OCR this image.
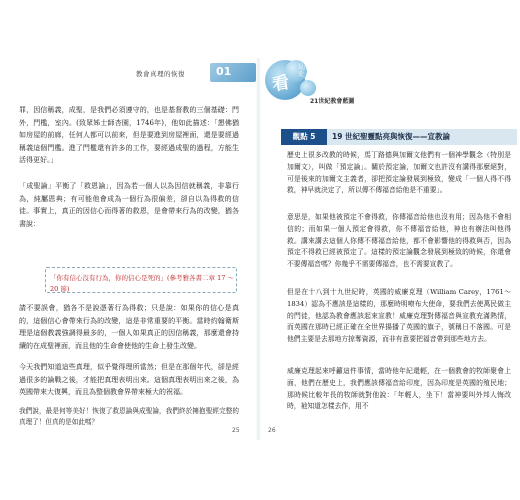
教會真理的恢復	01
看
見歷史
21世紀教會藍圖
罪，因信稱義，成聖，是我們必須遵守的，也是基督教的三個基礎：門外，門檻，室內。(致眾姊士師杏園，1746年)，他如此描述：「懇佛猶如房屋的前廊，任何人都可以前來，但是要進到房屋裡面，還是要經過稱義這個門檻。進了門檻還有許多的工作，要經過成聖的過程，方能生活得更好。」
「成聖論」平衡了「救恩論」，因為若一個人以為因信就稱義，非靠行為，純屬恩典；有可能他會成為一個行為很偏差，卻自以為得救的信徒。事實上，真正的因信心而得著的救恩，是會帶來行為的改變，猶各書說：
「你有信心沒有行為，你的信心是死的」(參考雅各書二章 17 ～ 20 節)
請不要誤會，猶各不是說憑著行為得救；只是說：如果你的信心是真的，這個信心會帶來行為的改變，這是非常重要的平衡。當時約翰衛斯理是這個教義強調得最多的，一個人如果真正的因信稱義，那麼還會持續的在成聖裡面，而且他的生命會使他的生命上發生改變。
今天我們知道這些真理，似乎覺得理所當然；但是在那個年代，卻是經過很多的論戰之後，才能把真理表明出來。這個真理表明出來之後，為英國帶來大復興，而且為整個教會界帶來極大的祝福。
我們說，最是何等美好！恢復了救恩論與成聖論，我們終於擁抱聖經完整的真理了！但真的是如此嗎？
25
觀點 5	19 世紀聖靈點亮與恢復——宣教論
歷史上很多改教的時候，馬丁路德與加爾文他們有一個神學觀念（特別是加爾文），叫做「預定論」。關於預定論，加爾文也許沒有講得那麼絕對，可是後來的加爾文主義者，卻把預定論發展到極致，變成「一個人得不得救，神早就決定了，所以傳不傳福音給他是不重要」。
意思是，如果他被預定不會得救，你傳福音給他也沒有用；因為他不會相信的；而如果一個人預定會得救，你不傳福音給他，神也有辦法叫他得救。講來講去這個人你傳不傳福音給他，都不會影響他的得救與否，因為預定不得救已經被預定了。這樣的預定論觀念發展到極致的時候，你還會不要傳福音嗎？你幾乎不需要傳福音，也不需要宣教了。
但是在十八到十九世紀時，英國的威廉克理（William Carey，1761～1834）認為不應該是這樣的，那麼時明嘹布大使命，要我們去使萬民做主的門徒，他認為教會應該起來宣教！威廉克理對傳福音與宣教充滿熱情，而英國在那時已經正確在全世界揚播了英國的旗子，號稱日不落國。可是他們主要是去那地方掠奪資源，而非有意要把福音帶到那些地方去。
威廉克理起來呼籲這件事情，當時他年紀還輕，在一個教會的牧師聚會上面，他們在歷史上，我們應該傳福音給印度，因為印度是英國的殖民地；那時候比較年長的牧師就對他說：「年輕人，坐下！當神要叫外邦人悔改時，祂知道怎樣去作，用不
26
